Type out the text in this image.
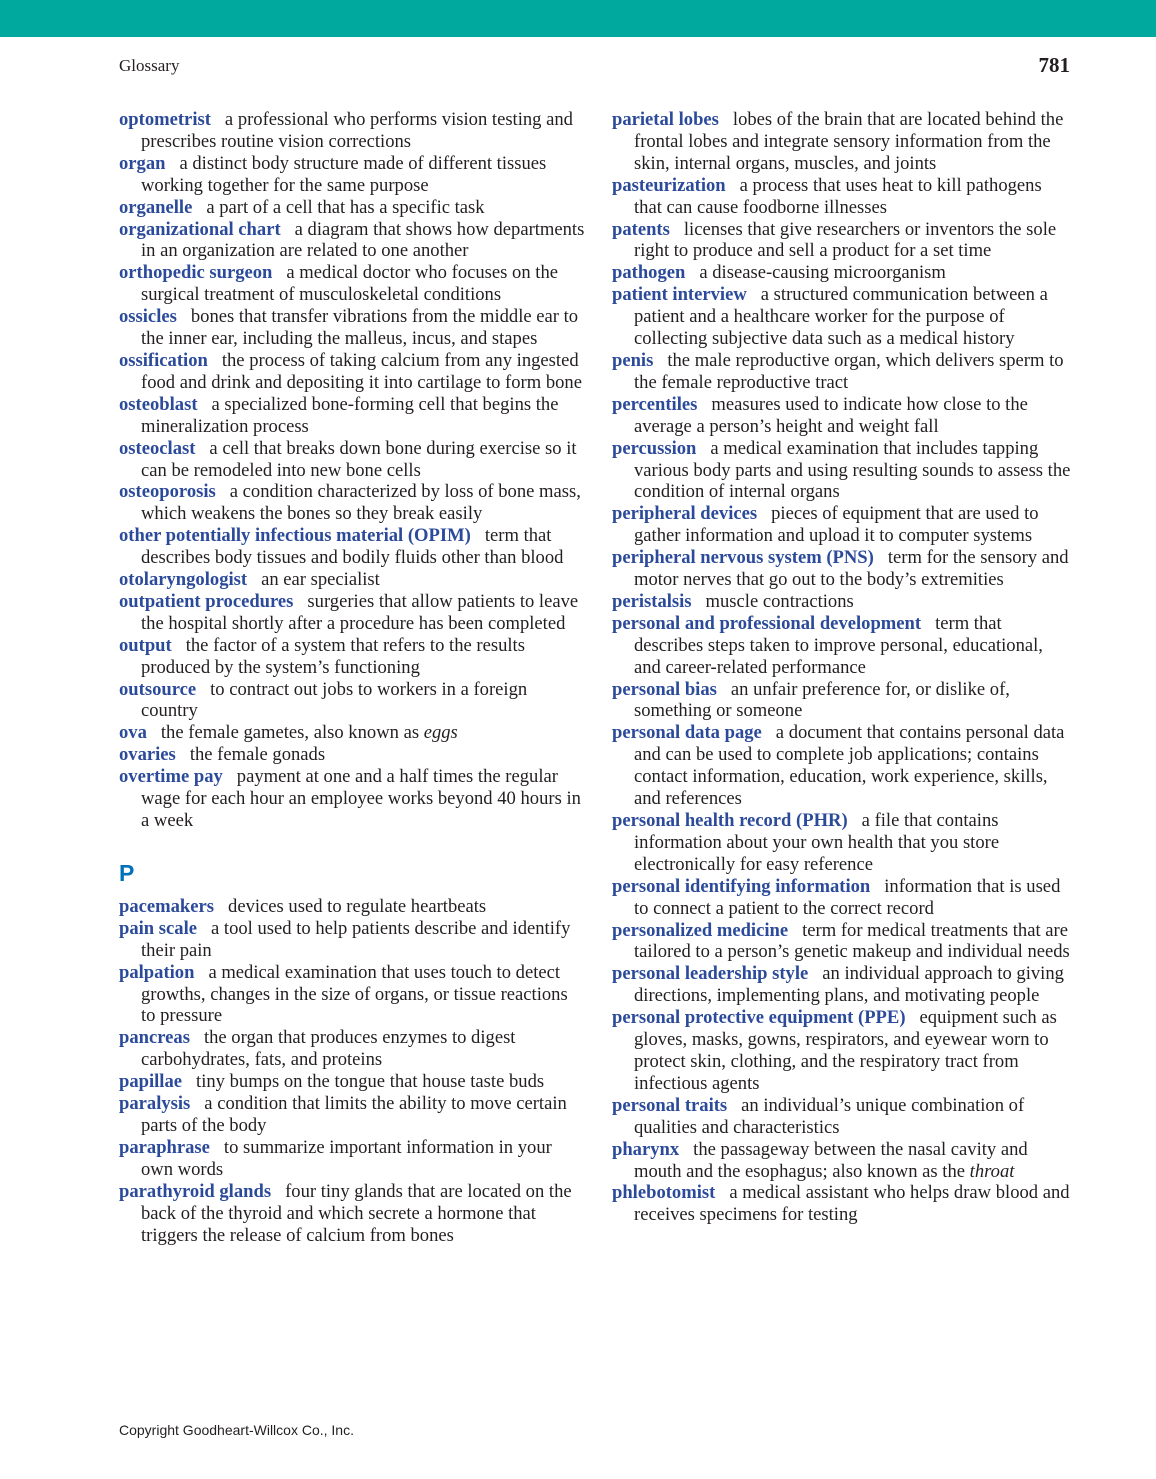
Glossary	781

optometrist a professional who performs vision testing and prescribes routine vision corrections

organ a distinct body structure made of different tissues working together for the same purpose

organelle a part of a cell that has a specific task

organizational chart a diagram that shows how departments in an organization are related to one another

orthopedic surgeon a medical doctor who focuses on the surgical treatment of musculoskeletal conditions

ossicles bones that transfer vibrations from the middle ear to the inner ear, including the malleus, incus, and stapes

ossification the process of taking calcium from any ingested food and drink and depositing it into cartilage to form bone

osteoblast a specialized bone-forming cell that begins the mineralization process

osteoclast a cell that breaks down bone during exercise so it can be remodeled into new bone cells

osteoporosis a condition characterized by loss of bone mass, which weakens the bones so they break easily

other potentially infectious material (OPIM) term that describes body tissues and bodily fluids other than blood

otolaryngologist an ear specialist

outpatient procedures surgeries that allow patients to leave the hospital shortly after a procedure has been completed

output the factor of a system that refers to the results produced by the system’s functioning

outsource to contract out jobs to workers in a foreign country

ova the female gametes, also known as eggs

ovaries the female gonads

overtime pay payment at one and a half times the regular wage for each hour an employee works beyond 40 hours in a week

P

pacemakers devices used to regulate heartbeats

pain scale a tool used to help patients describe and identify their pain

palpation a medical examination that uses touch to detect growths, changes in the size of organs, or tissue reactions to pressure

pancreas the organ that produces enzymes to digest carbohydrates, fats, and proteins

papillae tiny bumps on the tongue that house taste buds

paralysis a condition that limits the ability to move certain parts of the body

paraphrase to summarize important information in your own words

parathyroid glands four tiny glands that are located on the back of the thyroid and which secrete a hormone that triggers the release of calcium from bones

parietal lobes lobes of the brain that are located behind the frontal lobes and integrate sensory information from the skin, internal organs, muscles, and joints

pasteurization a process that uses heat to kill pathogens that can cause foodborne illnesses

patents licenses that give researchers or inventors the sole right to produce and sell a product for a set time

pathogen a disease-causing microorganism

patient interview a structured communication between a patient and a healthcare worker for the purpose of collecting subjective data such as a medical history

penis the male reproductive organ, which delivers sperm to the female reproductive tract

percentiles measures used to indicate how close to the average a person’s height and weight fall

percussion a medical examination that includes tapping various body parts and using resulting sounds to assess the condition of internal organs

peripheral devices pieces of equipment that are used to gather information and upload it to computer systems

peripheral nervous system (PNS) term for the sensory and motor nerves that go out to the body’s extremities

peristalsis muscle contractions

personal and professional development term that describes steps taken to improve personal, educational, and career-related performance

personal bias an unfair preference for, or dislike of, something or someone

personal data page a document that contains personal data and can be used to complete job applications; contains contact information, education, work experience, skills, and references

personal health record (PHR) a file that contains information about your own health that you store electronically for easy reference

personal identifying information information that is used to connect a patient to the correct record

personalized medicine term for medical treatments that are tailored to a person’s genetic makeup and individual needs

personal leadership style an individual approach to giving directions, implementing plans, and motivating people

personal protective equipment (PPE) equipment such as gloves, masks, gowns, respirators, and eyewear worn to protect skin, clothing, and the respiratory tract from infectious agents

personal traits an individual’s unique combination of qualities and characteristics

pharynx the passageway between the nasal cavity and mouth and the esophagus; also known as the throat

phlebotomist a medical assistant who helps draw blood and receives specimens for testing

Copyright Goodheart-Willcox Co., Inc.
